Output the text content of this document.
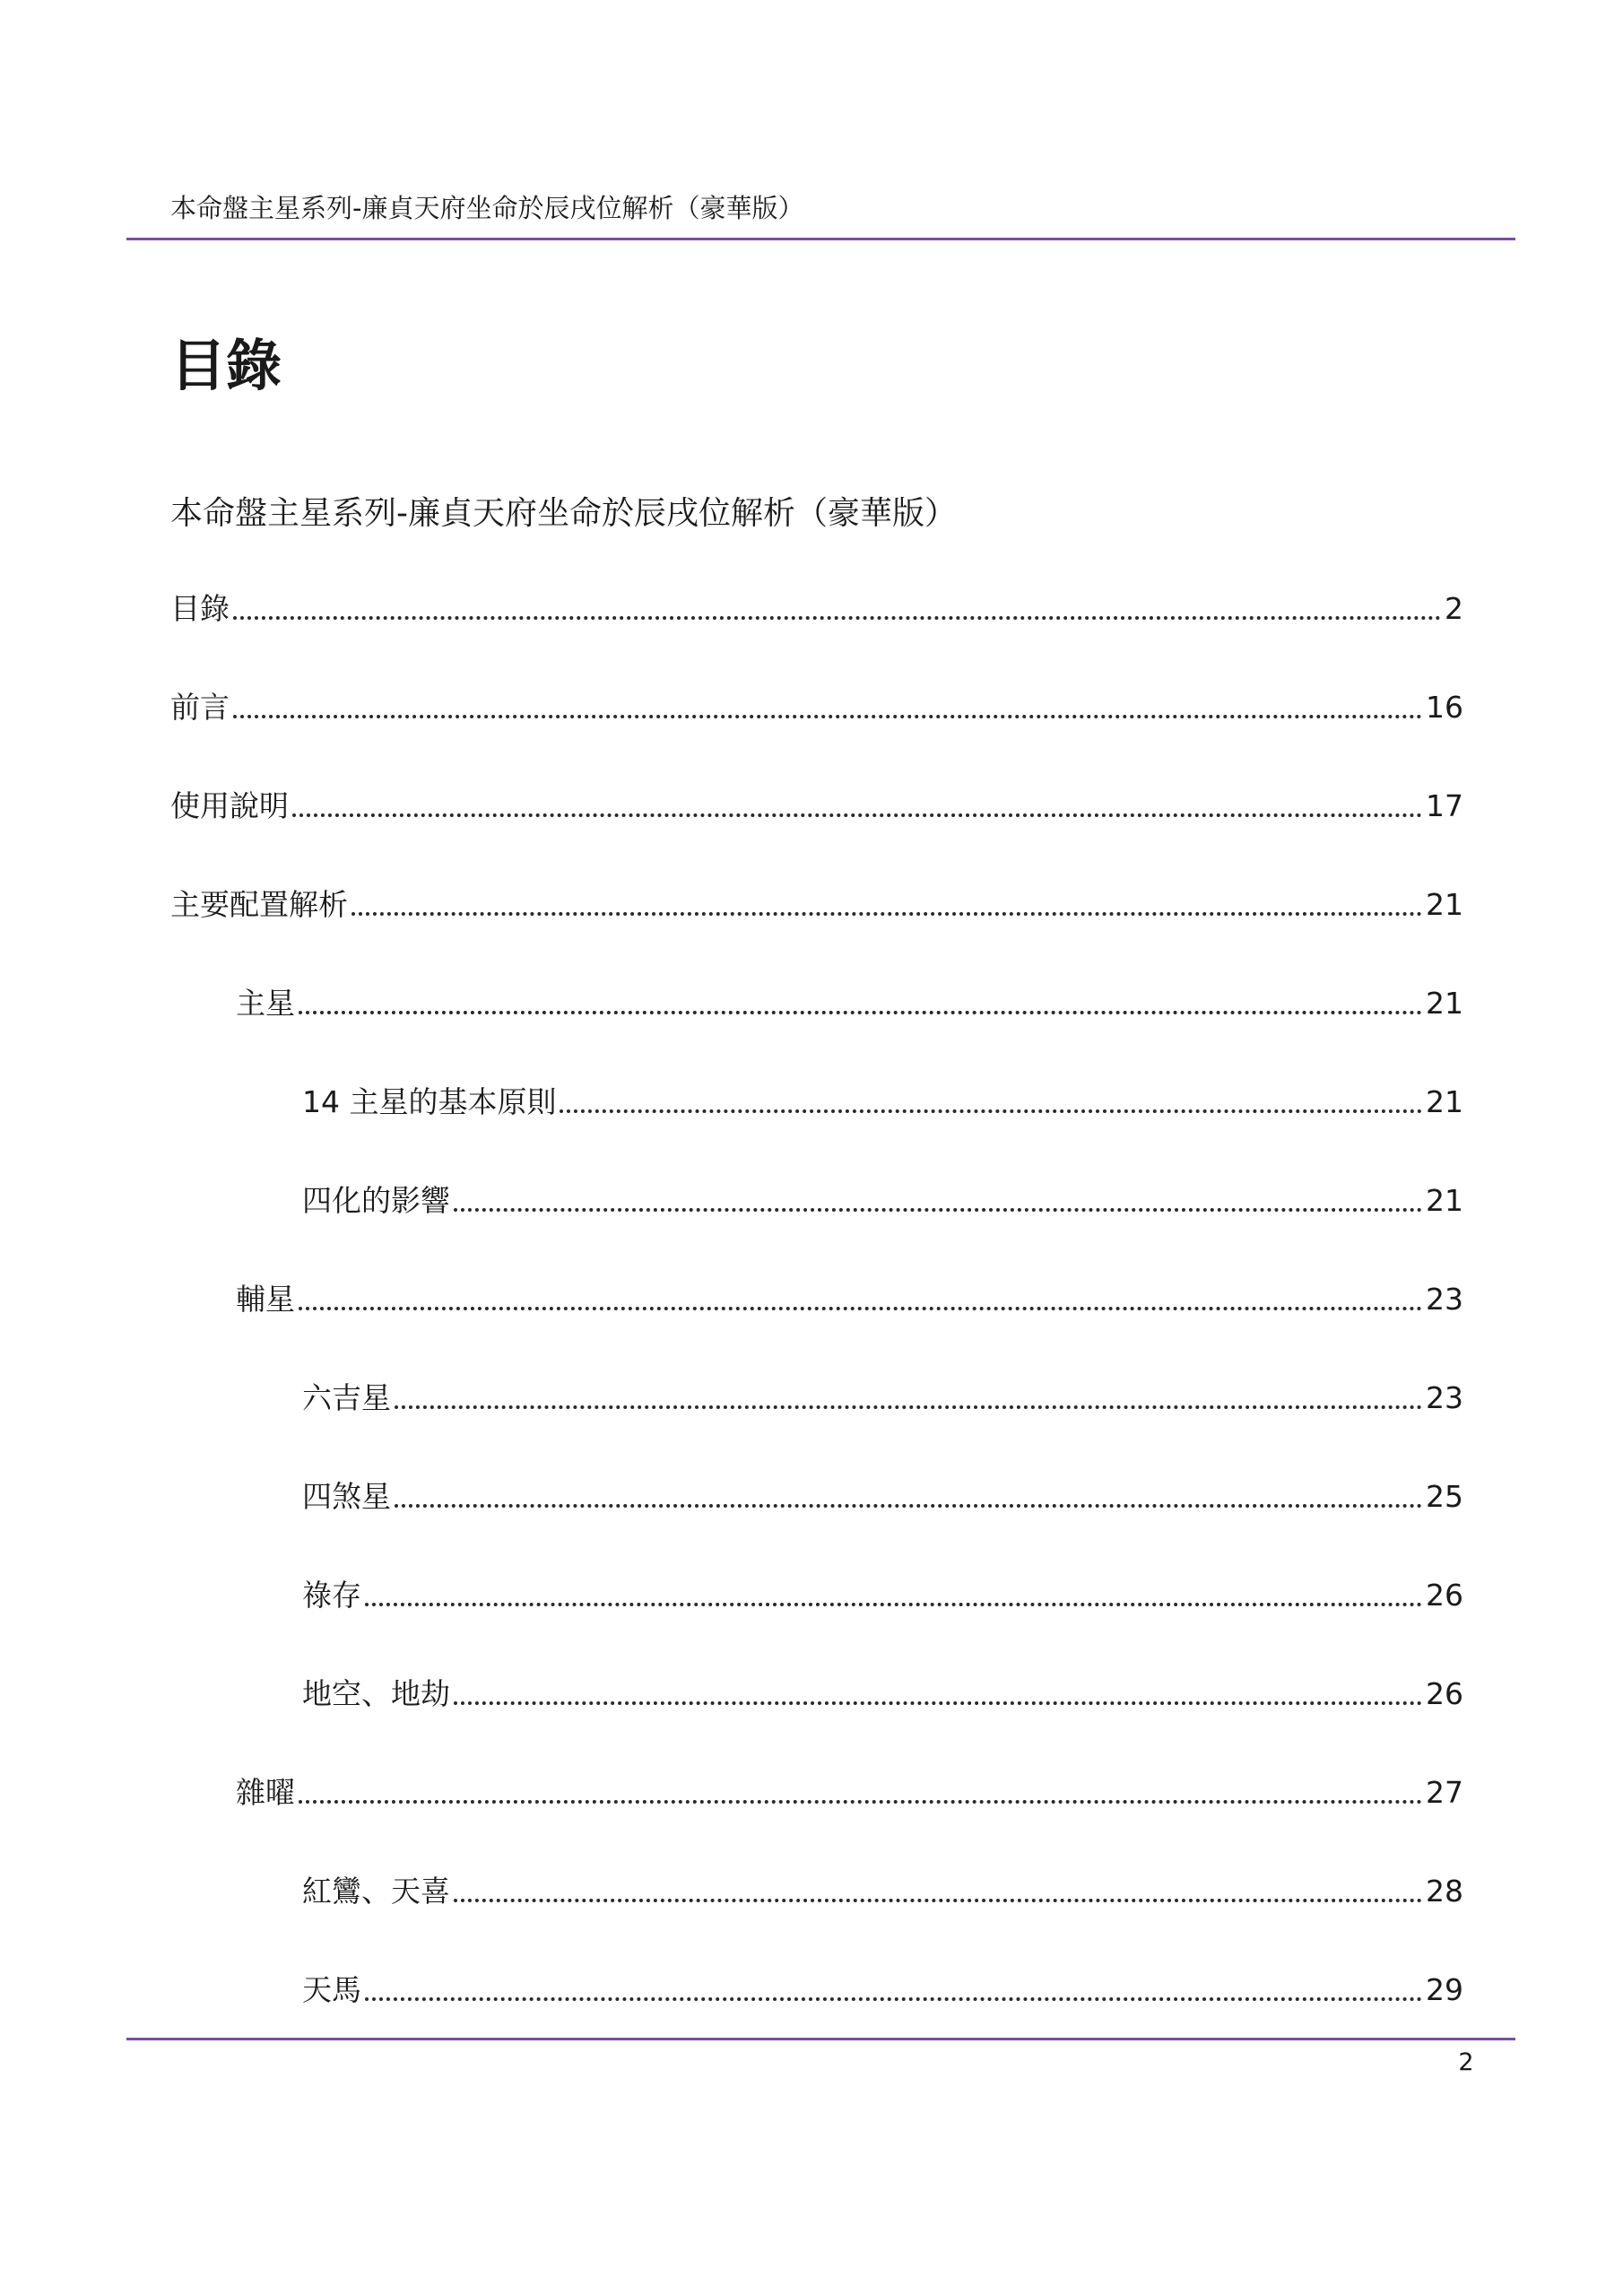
本命盤主星系列-廉貞天府坐命於辰戌位解析（豪華版）
目錄
本命盤主星系列-廉貞天府坐命於辰戌位解析（豪華版）
目錄	2
前言	16
使用說明	17
主要配置解析	21
主星	21
14 主星的基本原則	21
四化的影響	21
輔星	23
六吉星	23
四煞星	25
祿存	26
地空、地劫	26
雜曜	27
紅鸞、天喜	28
天馬	29
2
